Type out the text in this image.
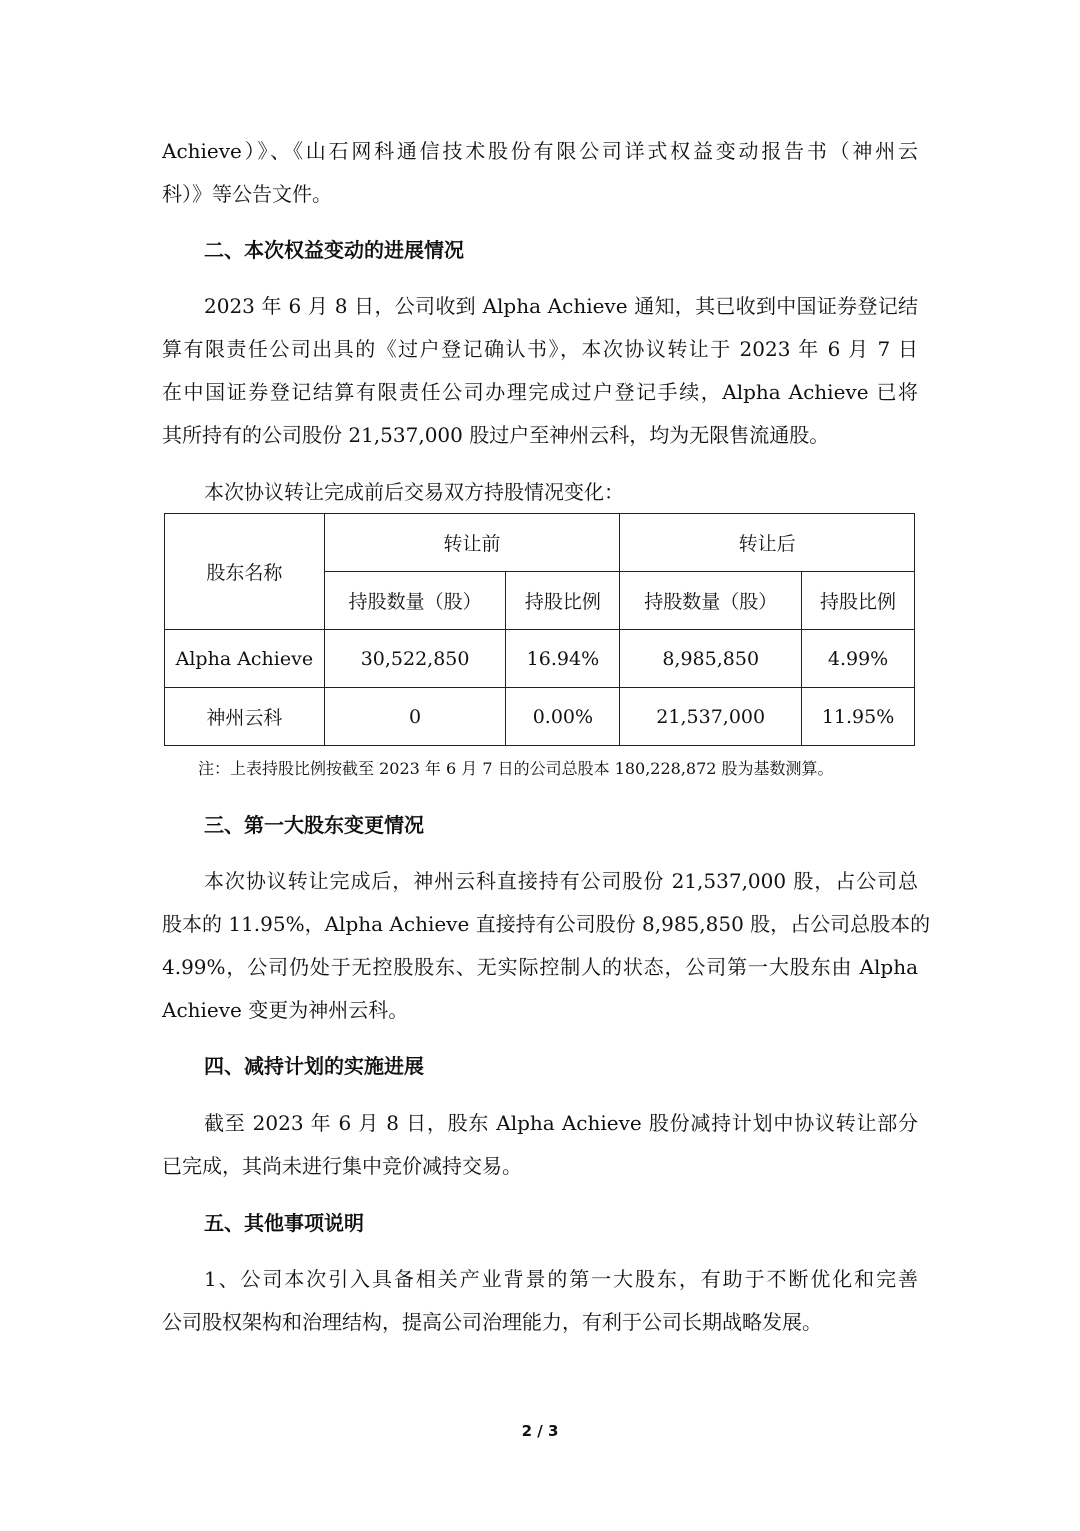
Achieve）》、《山石网科通信技术股份有限公司详式权益变动报告书（神州云
科）》等公告文件。
二、本次权益变动的进展情况
2023 年 6 月 8 日，公司收到 Alpha Achieve 通知，其已收到中国证券登记结
算有限责任公司出具的《过户登记确认书》，本次协议转让于 2023 年 6 月 7 日
在中国证券登记结算有限责任公司办理完成过户登记手续，Alpha Achieve 已将
其所持有的公司股份 21,537,000 股过户至神州云科，均为无限售流通股。
本次协议转让完成前后交易双方持股情况变化：
股东名称	转让前		转让后	
	持股数量（股）	持股比例	持股数量（股）	持股比例
Alpha Achieve	30,522,850	16.94%	8,985,850	4.99%
神州云科	0	0.00%	21,537,000	11.95%
注：上表持股比例按截至 2023 年 6 月 7 日的公司总股本 180,228,872 股为基数测算。
三、第一大股东变更情况
本次协议转让完成后，神州云科直接持有公司股份 21,537,000 股，占公司总
股本的 11.95%，Alpha Achieve 直接持有公司股份 8,985,850 股，占公司总股本的
4.99%，公司仍处于无控股股东、无实际控制人的状态，公司第一大股东由 Alpha
Achieve 变更为神州云科。
四、减持计划的实施进展
截至 2023 年 6 月 8 日，股东 Alpha Achieve 股份减持计划中协议转让部分
已完成，其尚未进行集中竞价减持交易。
五、其他事项说明
1、公司本次引入具备相关产业背景的第一大股东，有助于不断优化和完善
公司股权架构和治理结构，提高公司治理能力，有利于公司长期战略发展。
2 / 3
